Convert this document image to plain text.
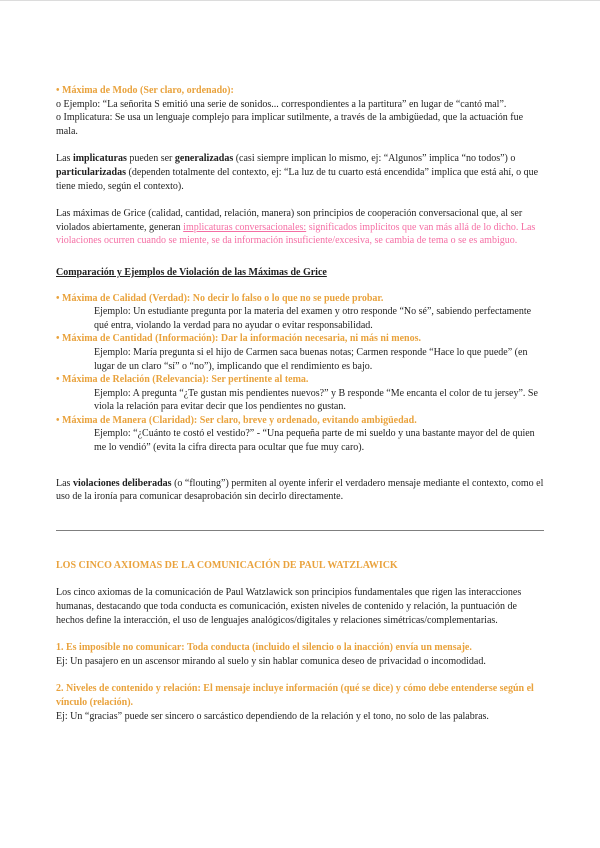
• Máxima de Modo (Ser claro, ordenado):

o Ejemplo: “La señorita S emitió una serie de sonidos... correspondientes a la partitura” en lugar de “cantó mal”.

o Implicatura: Se usa un lenguaje complejo para implicar sutilmente, a través de la ambigüedad, que la actuación fue mala.

Las implicaturas pueden ser generalizadas (casi siempre implican lo mismo, ej: “Algunos” implica “no todos”) o particularizadas (dependen totalmente del contexto, ej: “La luz de tu cuarto está encendida” implica que está ahí, o que tiene miedo, según el contexto).

Las máximas de Grice (calidad, cantidad, relación, manera) son principios de cooperación conversacional que, al ser violados abiertamente, generan implicaturas conversacionales: significados implícitos que van más allá de lo dicho. Las violaciones ocurren cuando se miente, se da información insuficiente/excesiva, se cambia de tema o se es ambiguo.

Comparación y Ejemplos de Violación de las Máximas de Grice

• Máxima de Calidad (Verdad): No decir lo falso o lo que no se puede probar.

Ejemplo: Un estudiante pregunta por la materia del examen y otro responde “No sé”, sabiendo perfectamente qué entra, violando la verdad para no ayudar o evitar responsabilidad.

• Máxima de Cantidad (Información): Dar la información necesaria, ni más ni menos.

Ejemplo: María pregunta si el hijo de Carmen saca buenas notas; Carmen responde “Hace lo que puede” (en lugar de un claro “sí” o “no”), implicando que el rendimiento es bajo.

• Máxima de Relación (Relevancia): Ser pertinente al tema.

Ejemplo: A pregunta “¿Te gustan mis pendientes nuevos?” y B responde “Me encanta el color de tu jersey”. Se viola la relación para evitar decir que los pendientes no gustan.

• Máxima de Manera (Claridad): Ser claro, breve y ordenado, evitando ambigüedad.

Ejemplo: “¿Cuánto te costó el vestido?” - “Una pequeña parte de mi sueldo y una bastante mayor del de quien me lo vendió” (evita la cifra directa para ocultar que fue muy caro).

Las violaciones deliberadas (o “flouting”) permiten al oyente inferir el verdadero mensaje mediante el contexto, como el uso de la ironía para comunicar desaprobación sin decirlo directamente.

LOS CINCO AXIOMAS DE LA COMUNICACIÓN DE PAUL WATZLAWICK

Los cinco axiomas de la comunicación de Paul Watzlawick son principios fundamentales que rigen las interacciones humanas, destacando que toda conducta es comunicación, existen niveles de contenido y relación, la puntuación de hechos define la interacción, el uso de lenguajes analógicos/digitales y relaciones simétricas/complementarias.

1. Es imposible no comunicar: Toda conducta (incluido el silencio o la inacción) envía un mensaje.

Ej: Un pasajero en un ascensor mirando al suelo y sin hablar comunica deseo de privacidad o incomodidad.

2. Niveles de contenido y relación: El mensaje incluye información (qué se dice) y cómo debe entenderse según el vínculo (relación).

Ej: Un “gracias” puede ser sincero o sarcástico dependiendo de la relación y el tono, no solo de las palabras.
